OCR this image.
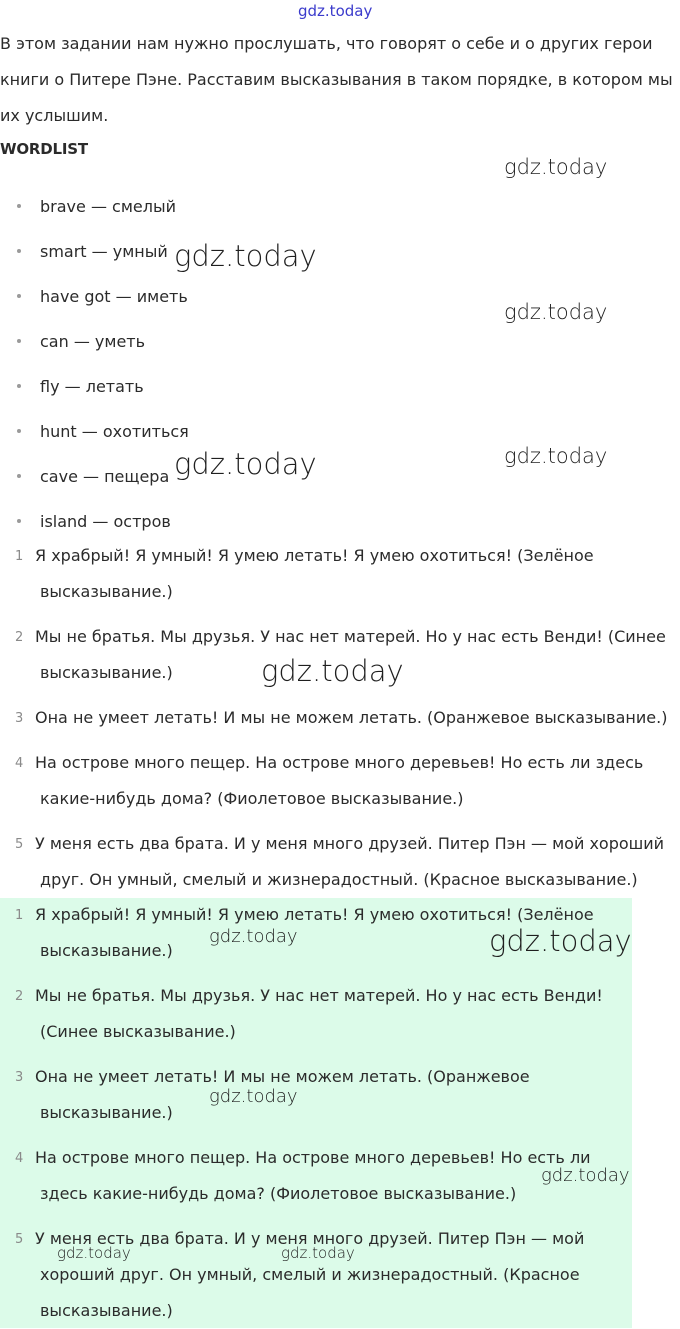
gdz.today
gdz.today
gdz.today
gdz.today
gdz.today	gdz.today
gdz.today

В этом задании нам нужно прослушать, что говорят о себе и о других герои книги о Питере Пэне. Расставим высказывания в таком порядке, в котором мы их услышим.

WORDLIST
brave — смелый
smart — умный
have got — иметь
can — уметь
fly — летать
hunt — охотиться
cave — пещера
island — остров
1 Я храбрый! Я умный! Я умею летать! Я умею охотиться! (Зелёное
высказывание.)

2 Мы не братья. Мы друзья. У нас нет матерей. Но у нас есть Венди! (Синее
высказывание.)

3 Она не умеет летать! И мы не можем летать. (Оранжевое высказывание.)

4 На острове много пещер. На острове много деревьев! Но есть ли здесь
какие-нибудь дома? (Фиолетовое высказывание.)

5 У меня есть два брата. И у меня много друзей. Питер Пэн — мой хороший
друг. Он умный, смелый и жизнерадостный. (Красное высказывание.)

1 Я храбрый! Я умный! Я умею летать! Я умею охотиться! (Зелёное
высказывание.)

2 Мы не братья. Мы друзья. У нас нет матерей. Но у нас есть Венди!
(Синее высказывание.)

3 Она не умеет летать! И мы не можем летать. (Оранжевое
высказывание.)

4 На острове много пещер. На острове много деревьев! Но есть ли
здесь какие-нибудь дома? (Фиолетовое высказывание.)

5 У меня есть два брата. И у меня много друзей. Питер Пэн — мой
хороший друг. Он умный, смелый и жизнерадостный. (Красное
высказывание.)

gdz.today	gdz.today
gdz.today
gdz.today
gdz.today	gdz.today
